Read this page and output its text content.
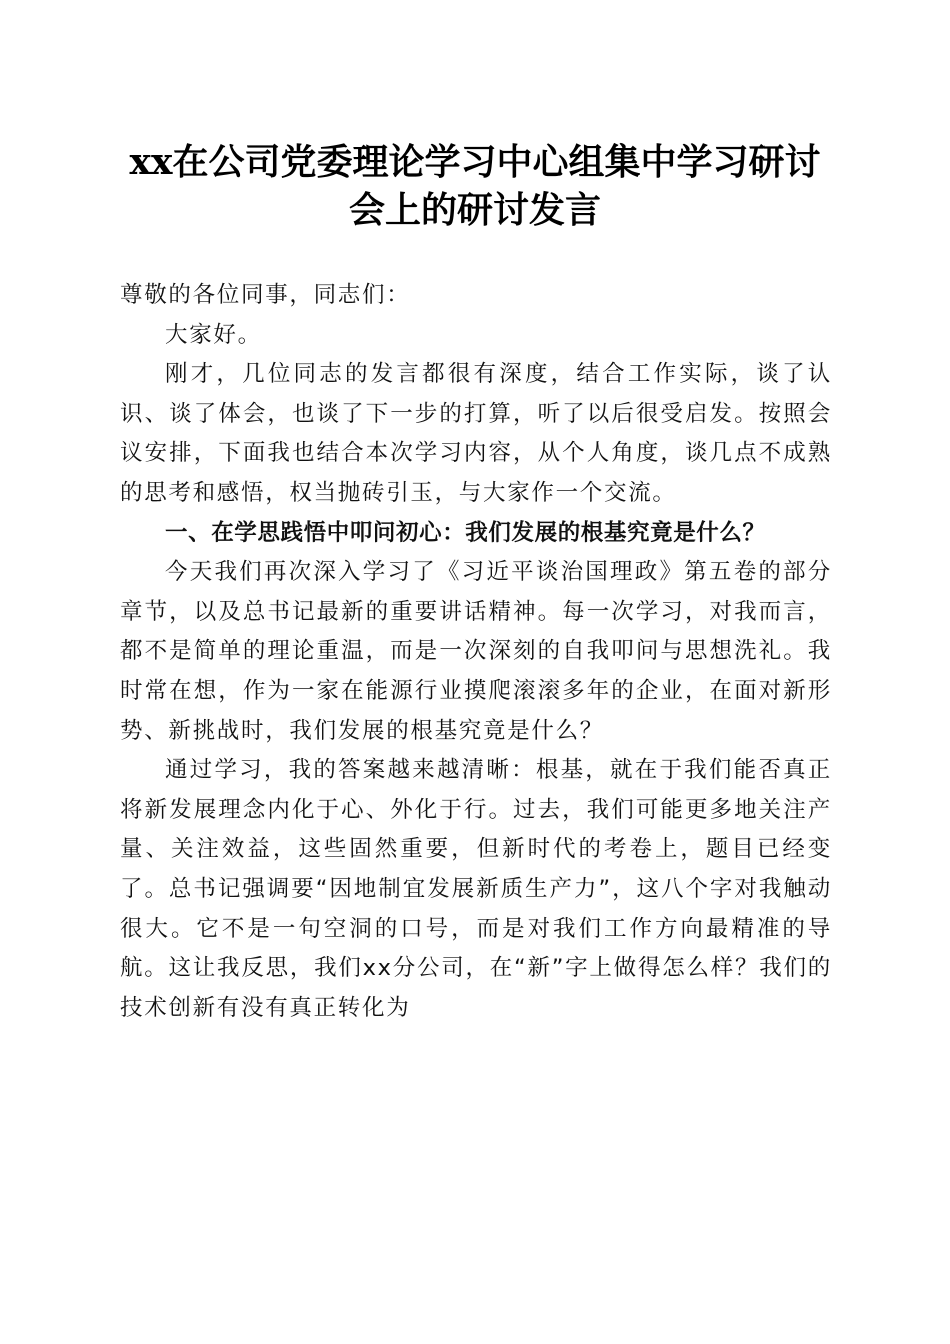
xx在公司党委理论学习中心组集中学习研讨
会上的研讨发言

尊敬的各位同事，同志们：

大家好。

刚才，几位同志的发言都很有深度，结合工作实际，谈了认识、谈了体会，也谈了下一步的打算，听了以后很受启发。按照会议安排，下面我也结合本次学习内容，从个人角度，谈几点不成熟的思考和感悟，权当抛砖引玉，与大家作一个交流。

一、在学思践悟中叩问初心：我们发展的根基究竟是什么？

今天我们再次深入学习了《习近平谈治国理政》第五卷的部分章节，以及总书记最新的重要讲话精神。每一次学习，对我而言，都不是简单的理论重温，而是一次深刻的自我叩问与思想洗礼。我时常在想，作为一家在能源行业摸爬滚滚多年的企业，在面对新形势、新挑战时，我们发展的根基究竟是什么？

通过学习，我的答案越来越清晰：根基，就在于我们能否真正将新发展理念内化于心、外化于行。过去，我们可能更多地关注产量、关注效益，这些固然重要，但新时代的考卷上，题目已经变了。总书记强调要“因地制宜发展新质生产力”，这八个字对我触动很大。它不是一句空洞的口号，而是对我们工作方向最精准的导航。这让我反思，我们xx分公司，在“新”字上做得怎么样？我们的技术创新有没有真正转化为
